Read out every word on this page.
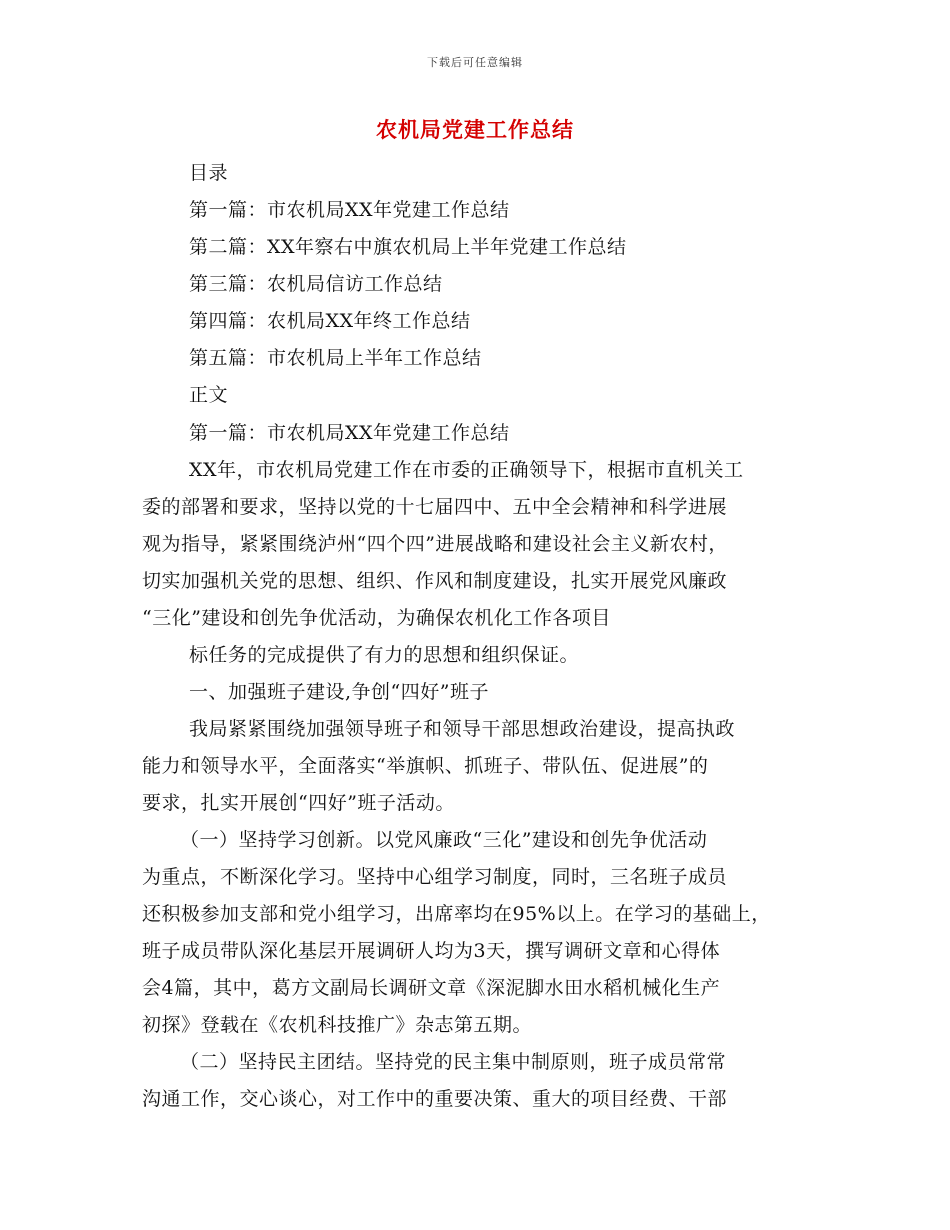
下载后可任意编辑
农机局党建工作总结
目录
第一篇：市农机局XX年党建工作总结
第二篇：XX年察右中旗农机局上半年党建工作总结
第三篇：农机局信访工作总结
第四篇：农机局XX年终工作总结
第五篇：市农机局上半年工作总结
正文
第一篇：市农机局XX年党建工作总结
XX年，市农机局党建工作在市委的正确领导下，根据市直机关工
委的部署和要求，坚持以党的十七届四中、五中全会精神和科学进展
观为指导，紧紧围绕泸州“四个四”进展战略和建设社会主义新农村，
切实加强机关党的思想、组织、作风和制度建设，扎实开展党风廉政
“三化”建设和创先争优活动，为确保农机化工作各项目
标任务的完成提供了有力的思想和组织保证。
一、加强班子建设,争创“四好”班子
我局紧紧围绕加强领导班子和领导干部思想政治建设，提高执政
能力和领导水平，全面落实“举旗帜、抓班子、带队伍、促进展”的
要求，扎实开展创“四好”班子活动。
（一）坚持学习创新。以党风廉政“三化”建设和创先争优活动
为重点，不断深化学习。坚持中心组学习制度，同时，三名班子成员
还积极参加支部和党小组学习，出席率均在95%以上。在学习的基础上，
班子成员带队深化基层开展调研人均为3天，撰写调研文章和心得体
会4篇，其中，葛方文副局长调研文章《深泥脚水田水稻机械化生产
初探》登载在《农机科技推广》杂志第五期。
（二）坚持民主团结。坚持党的民主集中制原则，班子成员常常
沟通工作，交心谈心，对工作中的重要决策、重大的项目经费、干部
